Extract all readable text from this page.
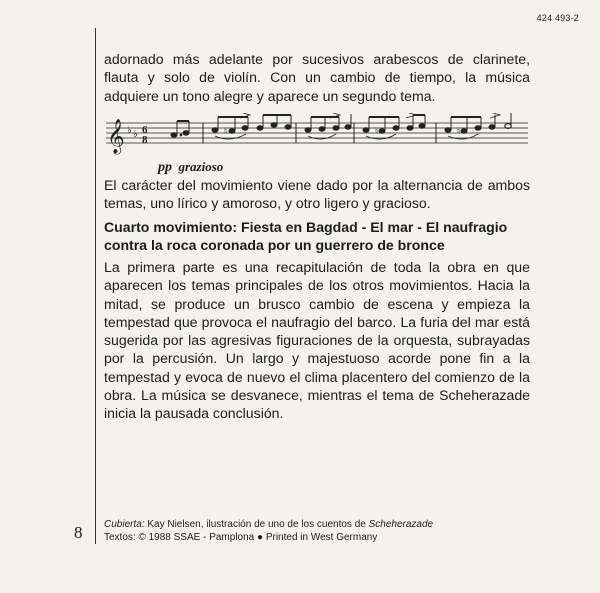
424 493-2
8

adornado más adelante por sucesivos arabescos de clarinete, flauta y solo de violín. Con un cambio de tiempo, la música adquiere un tono alegre y aparece un segundo tema.

𝄞 ♭ ♭ 6
8
♮	♮	♮
pp grazioso

El carácter del movimiento viene dado por la alternancia de ambos temas, uno lírico y amoroso, y otro ligero y gracioso.

Cuarto movimiento: Fiesta en Bagdad - El mar - El naufragio contra la roca coronada por un guerrero de bronce

La primera parte es una recapitulación de toda la obra en que aparecen los temas principales de los otros movimientos. Hacia la mitad, se produce un brusco cambio de escena y empieza la tempestad que provoca el naufragio del barco. La furia del mar está sugerida por las agresivas figuraciones de la orquesta, subrayadas por la percusión. Un largo y majestuoso acorde pone fin a la tempestad y evoca de nuevo el clima placentero del comienzo de la obra. La música se desvanece, mientras el tema de Scheherazade inicia la pausada conclusión.

Cubierta: Kay Nielsen, ilustración de uno de los cuentos de Scheherazade
Textos: © 1988 SSAE - Pamplona ● Printed in West Germany
